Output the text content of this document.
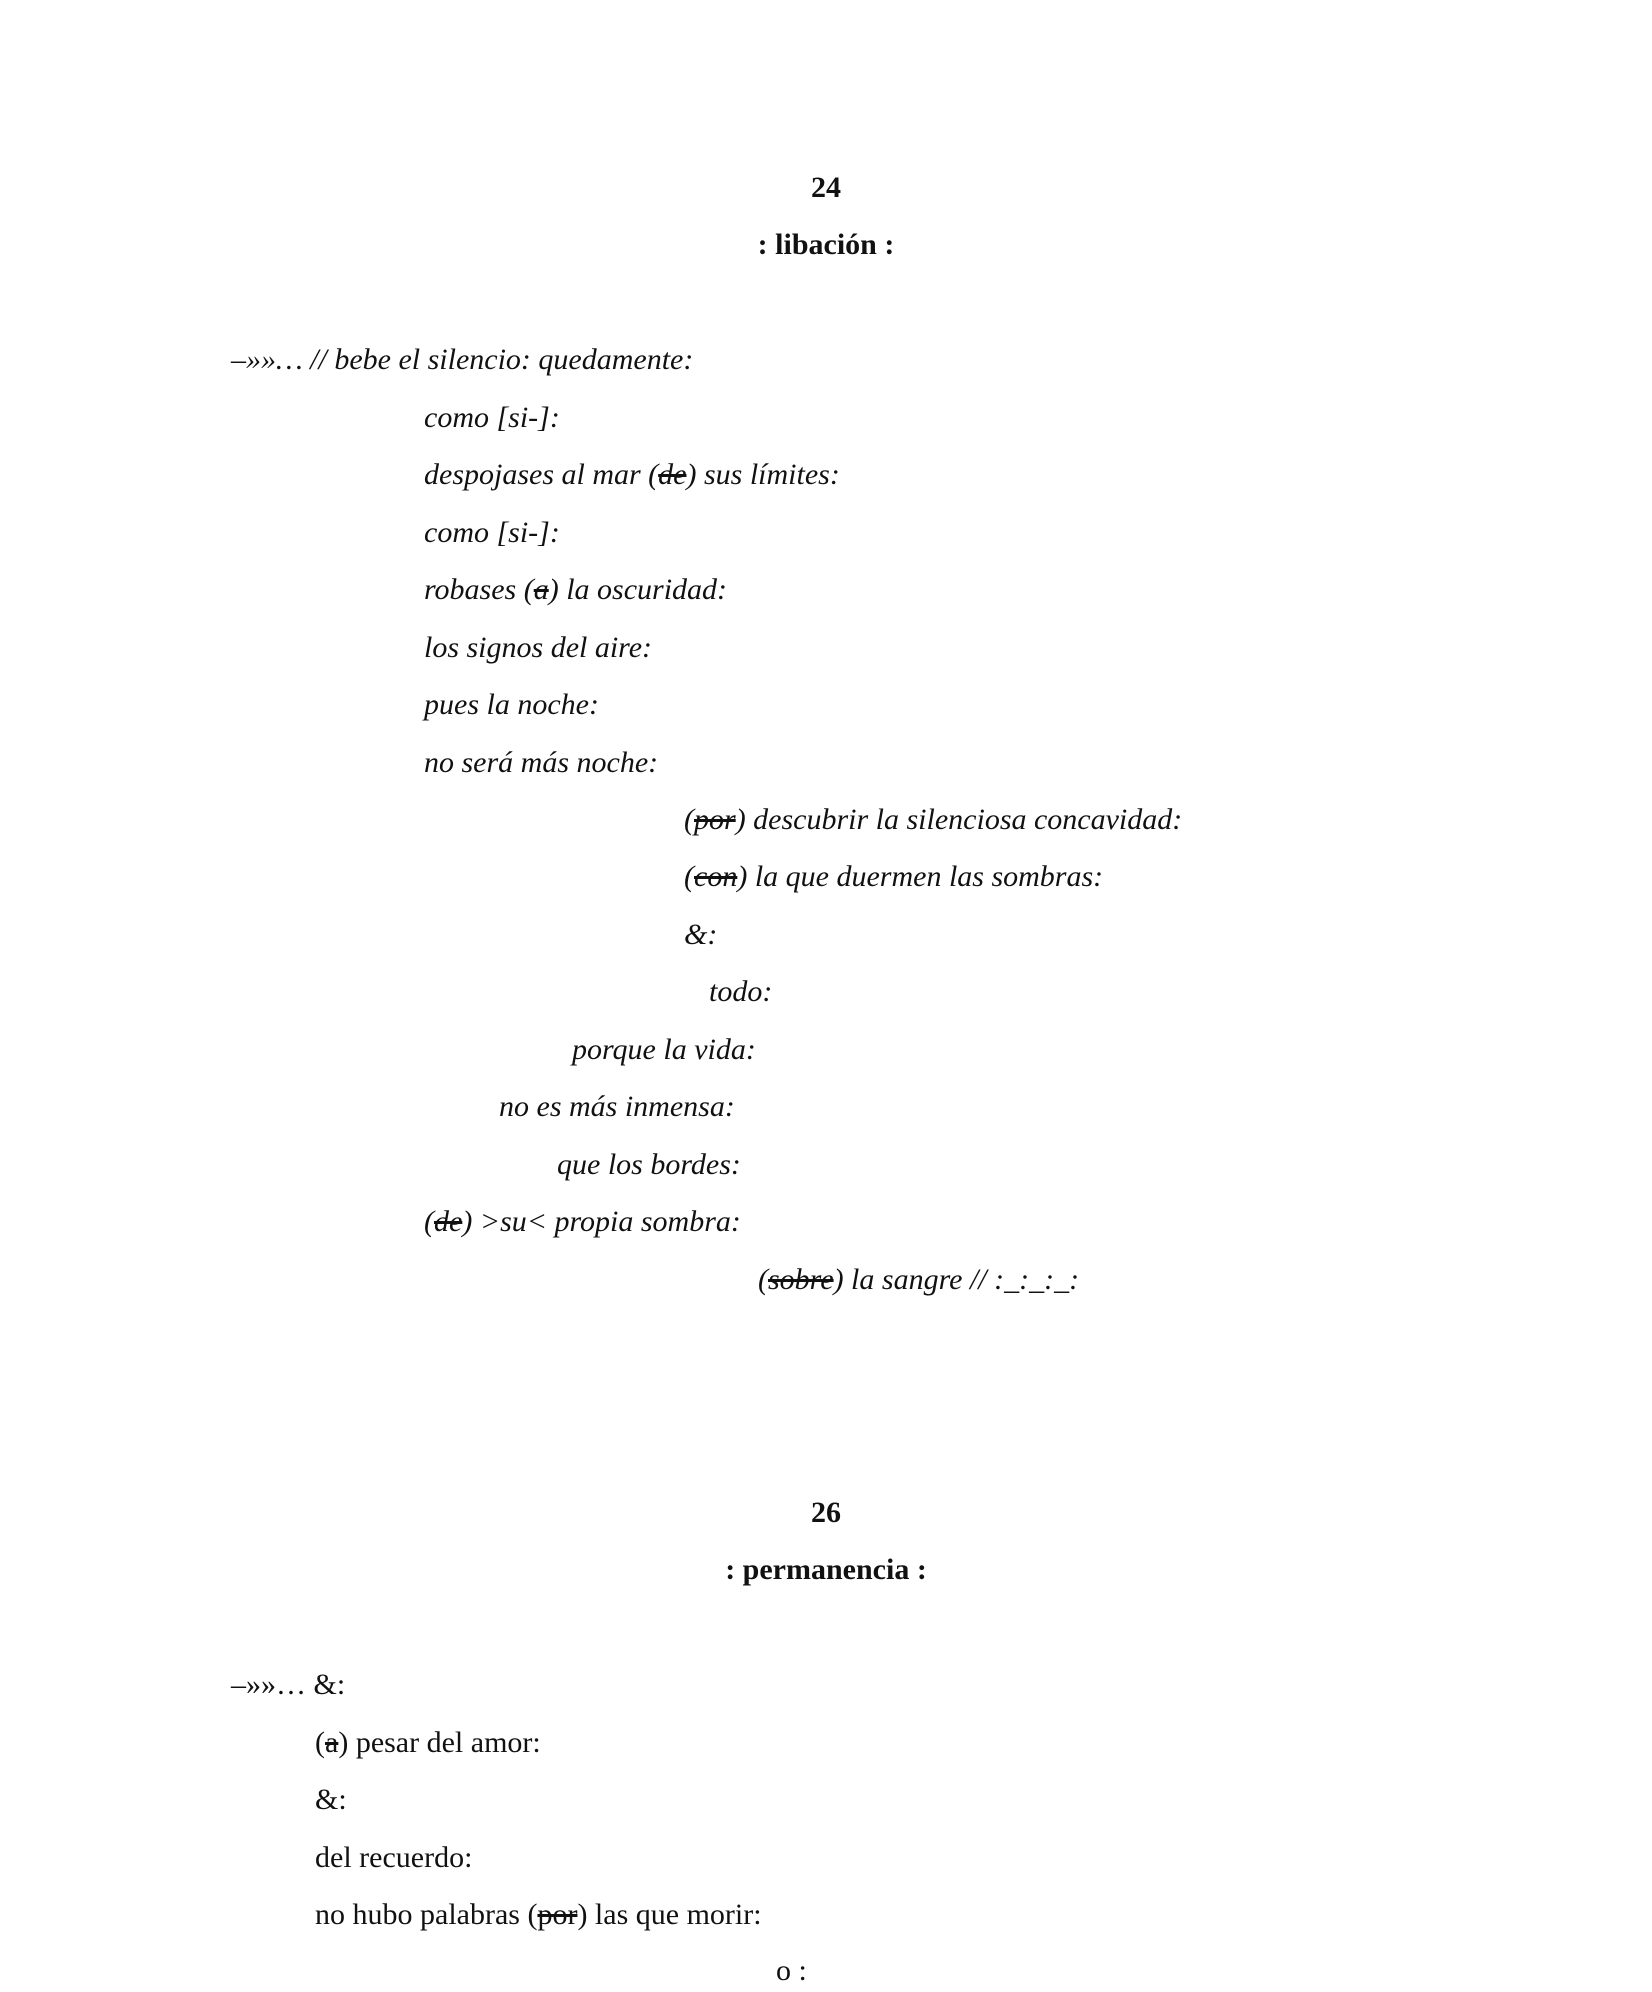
24
: libación :

–»»… // bebe el silencio: quedamente:

como [si-]:

despojases al mar (de) sus límites:

como [si-]:

robases (a) la oscuridad:

los signos del aire:

pues la noche:

no será más noche:

(por) descubrir la silenciosa concavidad:

(con) la que duermen las sombras:

&:

todo:

porque la vida:

no es más inmensa:

que los bordes:

(de) >su< propia sombra:

(sobre) la sangre // :_:_:_:

26
: permanencia :

–»»… &:

(a) pesar del amor:

&:

del recuerdo:

no hubo palabras (por) las que morir:

o :
